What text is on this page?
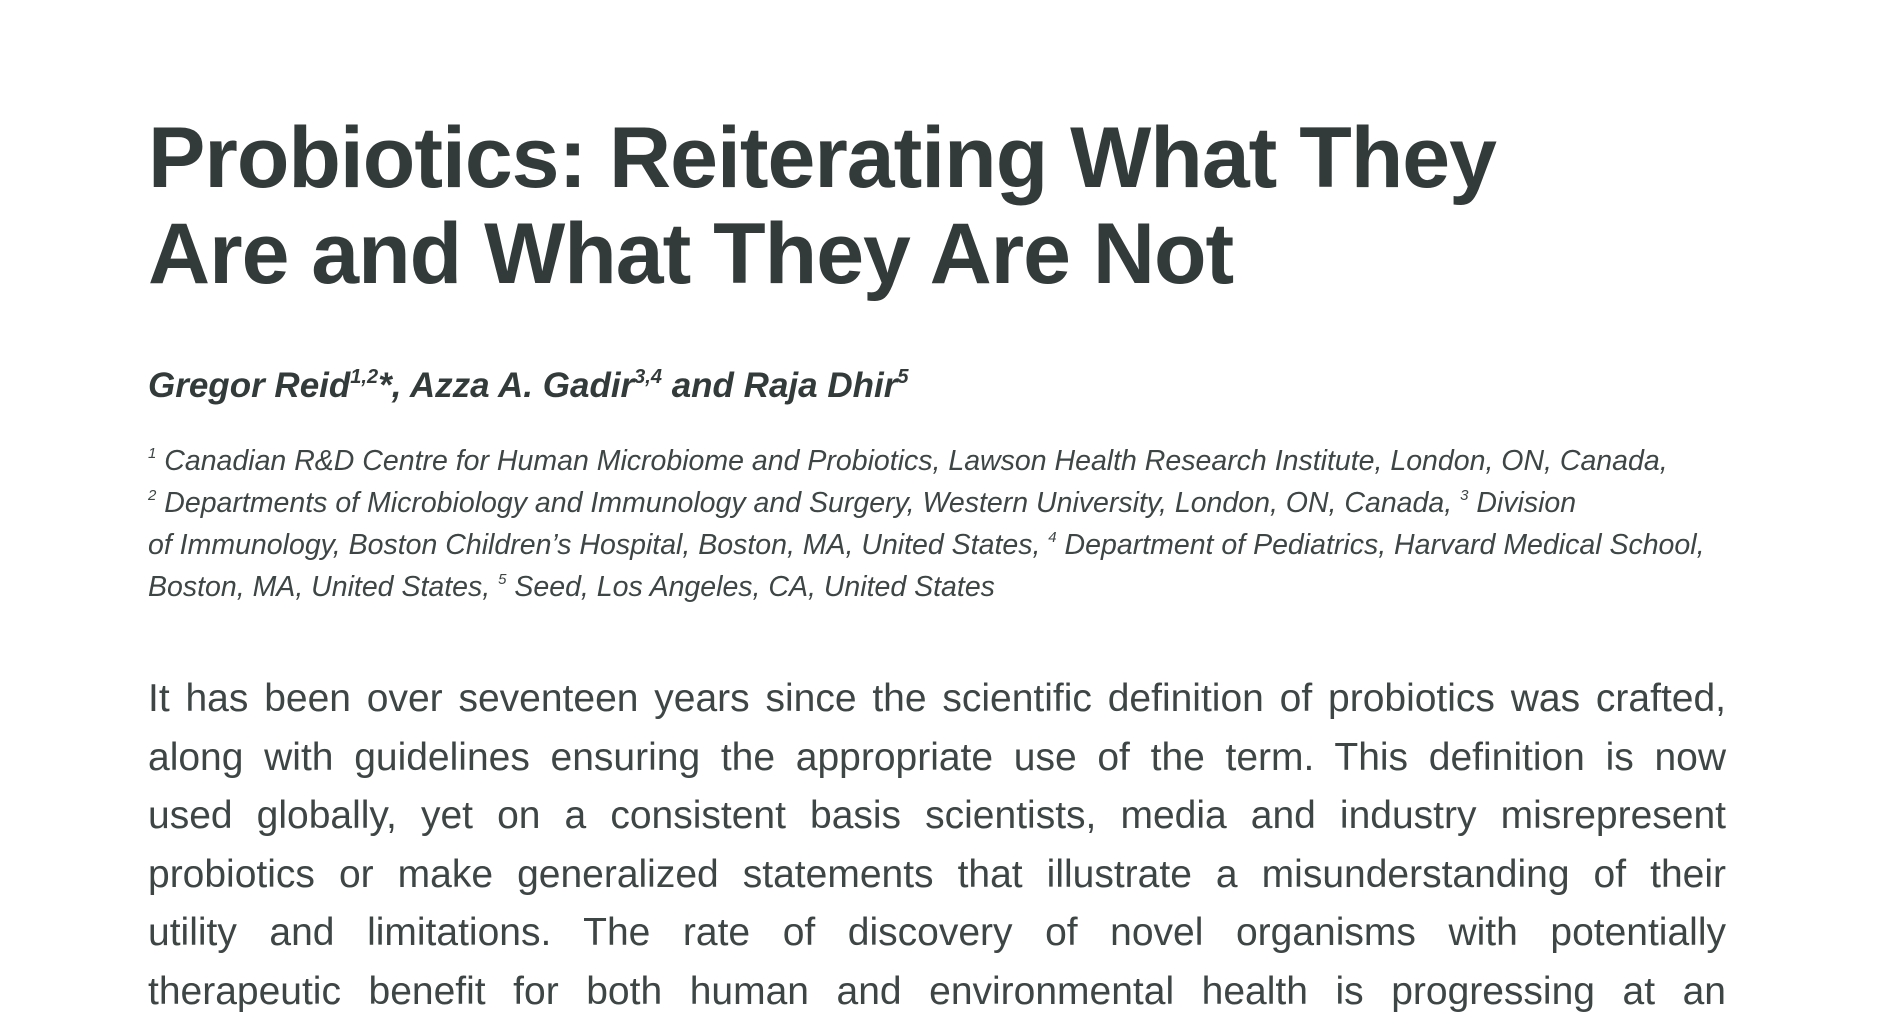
Probiotics: Reiterating What They
Are and What They Are Not
Gregor Reid$^{1,2}$*, Azza A. Gadir$^{3,4}$ and Raja Dhir$^5$
$^1$ Canadian R&D Centre for Human Microbiome and Probiotics, Lawson Health Research Institute, London, ON, Canada,
$^2$ Departments of Microbiology and Immunology and Surgery, Western University, London, ON, Canada, $^3$ Division
of Immunology, Boston Children’s Hospital, Boston, MA, United States, $^4$ Department of Pediatrics, Harvard Medical School,
Boston, MA, United States, $^5$ Seed, Los Angeles, CA, United States
It has been over seventeen years since the scientific definition of probiotics was crafted,
along with guidelines ensuring the appropriate use of the term. This definition is now
used globally, yet on a consistent basis scientists, media and industry misrepresent
probiotics or make generalized statements that illustrate a misunderstanding of their
utility and limitations. The rate of discovery of novel organisms with potentially
therapeutic benefit for both human and environmental health is progressing at an
